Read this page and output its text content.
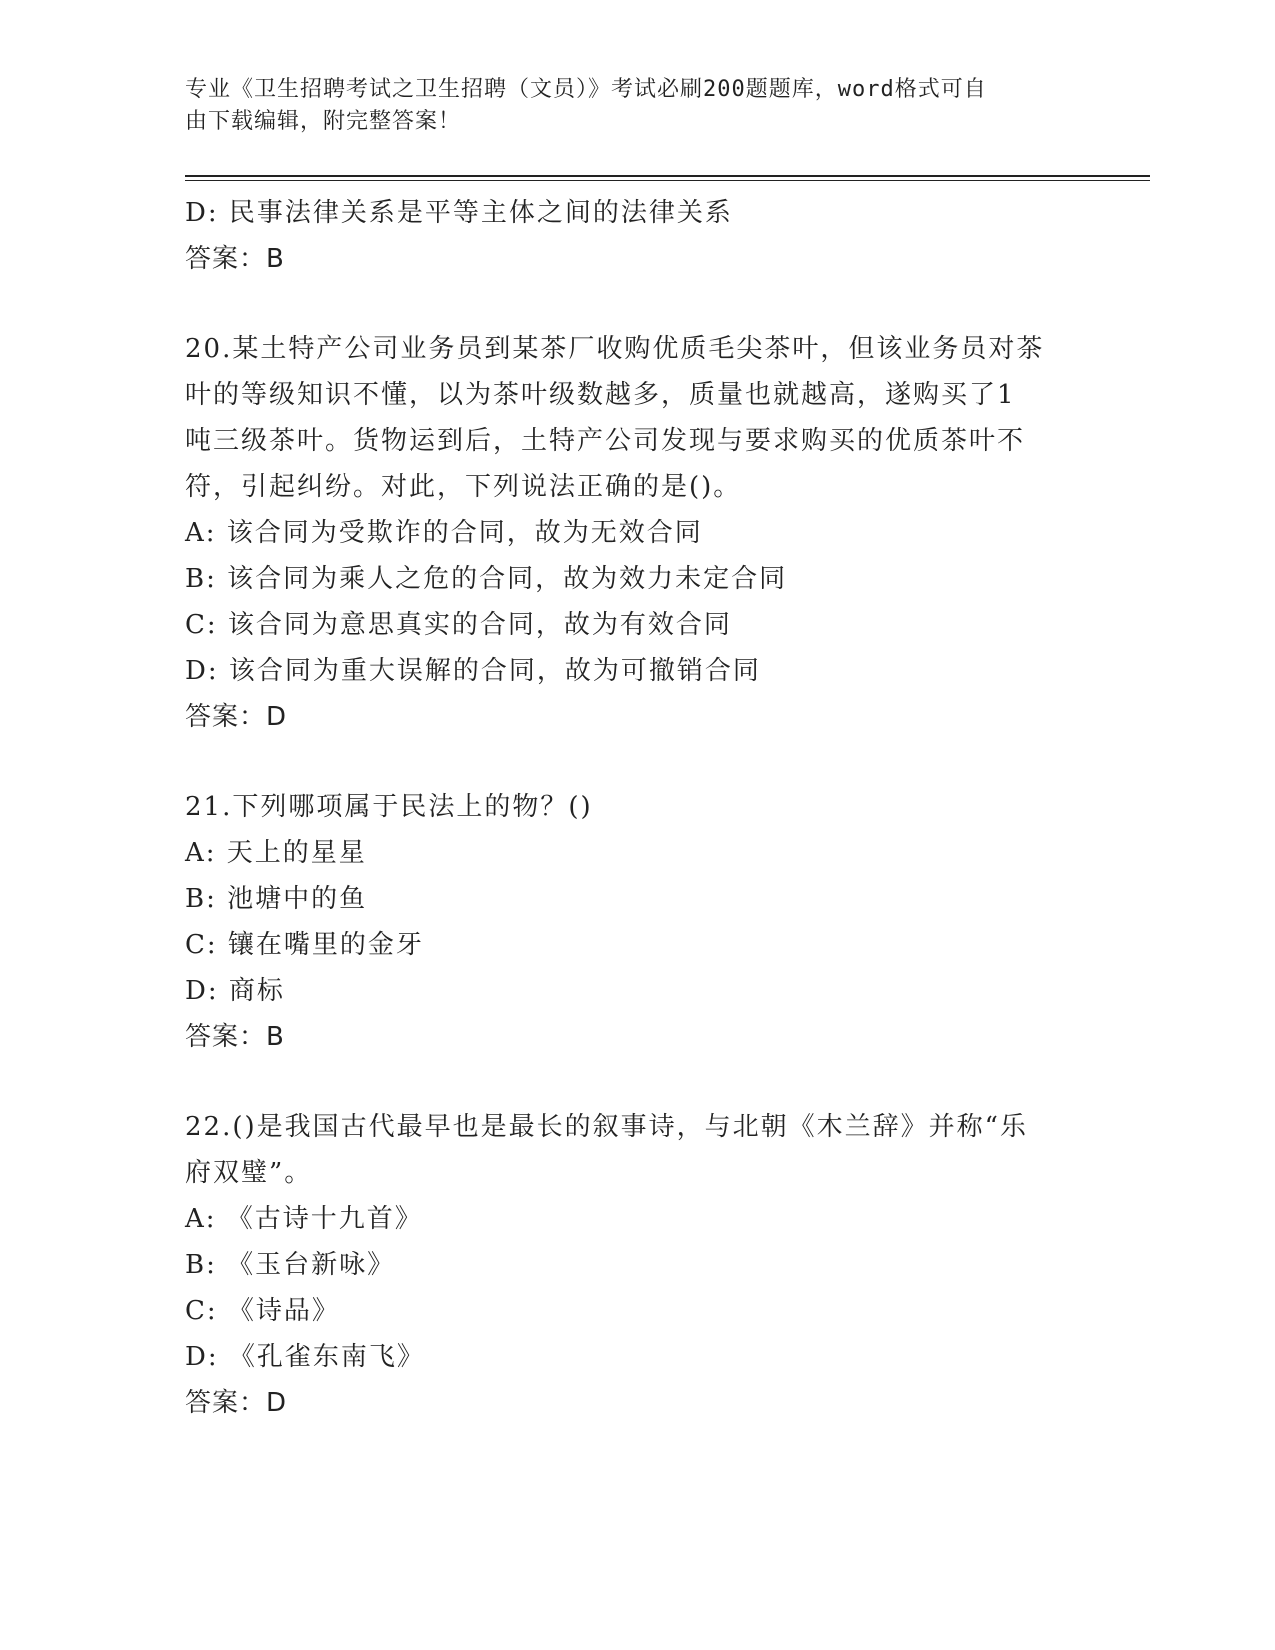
专业《卫生招聘考试之卫生招聘（文员）》考试必刷200题题库，word格式可自
由下载编辑，附完整答案！
D: 民事法律关系是平等主体之间的法律关系
答案：B
20.某土特产公司业务员到某茶厂收购优质毛尖茶叶，但该业务员对茶
叶的等级知识不懂，以为茶叶级数越多，质量也就越高，遂购买了1
吨三级茶叶。货物运到后，土特产公司发现与要求购买的优质茶叶不
符，引起纠纷。对此，下列说法正确的是()。
A: 该合同为受欺诈的合同，故为无效合同
B: 该合同为乘人之危的合同，故为效力未定合同
C: 该合同为意思真实的合同，故为有效合同
D: 该合同为重大误解的合同，故为可撤销合同
答案：D
21.下列哪项属于民法上的物？()
A: 天上的星星
B: 池塘中的鱼
C: 镶在嘴里的金牙
D: 商标
答案：B
22.()是我国古代最早也是最长的叙事诗，与北朝《木兰辞》并称“乐
府双璧”。
A: 《古诗十九首》
B: 《玉台新咏》
C: 《诗品》
D: 《孔雀东南飞》
答案：D
